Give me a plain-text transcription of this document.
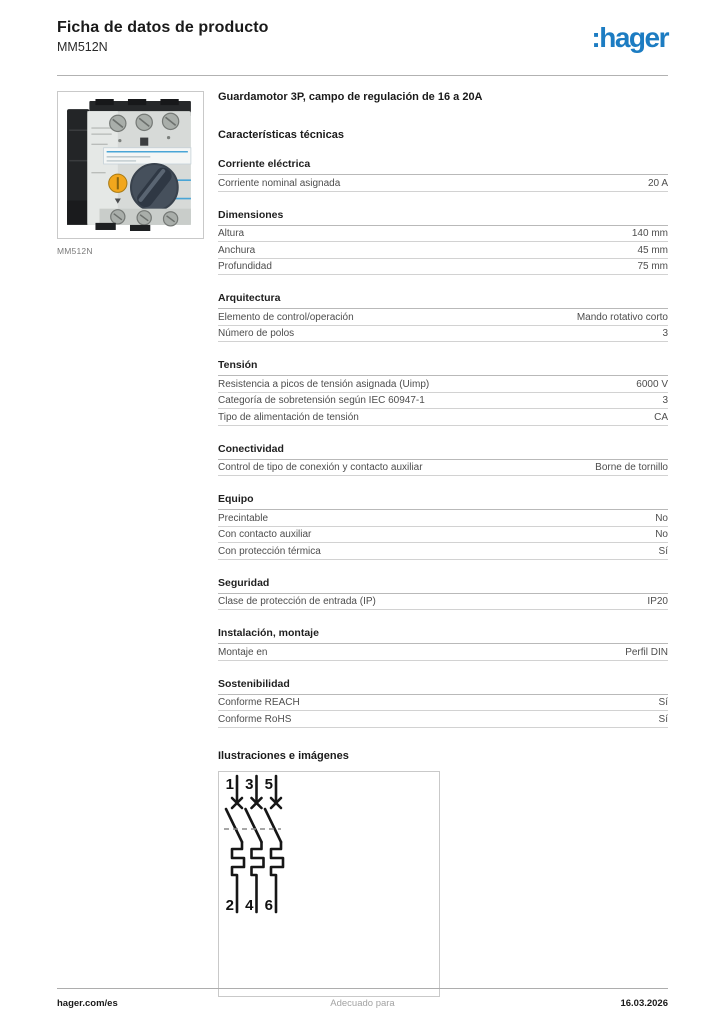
Ficha de datos de producto
MM512N	:hager
MM512N
Guardamotor 3P, campo de regulación de 16 a 20A
Características técnicas
Corriente eléctrica
Corriente nominal asignada	20 A
Dimensiones
Altura	140 mm
Anchura	45 mm
Profundidad	75 mm
Arquitectura
Elemento de control/operación	Mando rotativo corto
Número de polos	3
Tensión
Resistencia a picos de tensión asignada (Uimp)	6000 V
Categoría de sobretensión según IEC 60947-1	3
Tipo de alimentación de tensión	CA
Conectividad
Control de tipo de conexión y contacto auxiliar	Borne de tornillo
Equipo
Precintable	No
Con contacto auxiliar	No
Con protección térmica	Sí
Seguridad
Clase de protección de entrada (IP)	IP20
Instalación, montaje
Montaje en	Perfil DIN
Sostenibilidad
Conforme REACH	Sí
Conforme RoHS	Sí
Ilustraciones e imágenes
1 3 5
2 4 6
hager.com/es	Adecuado para	16.03.2026
